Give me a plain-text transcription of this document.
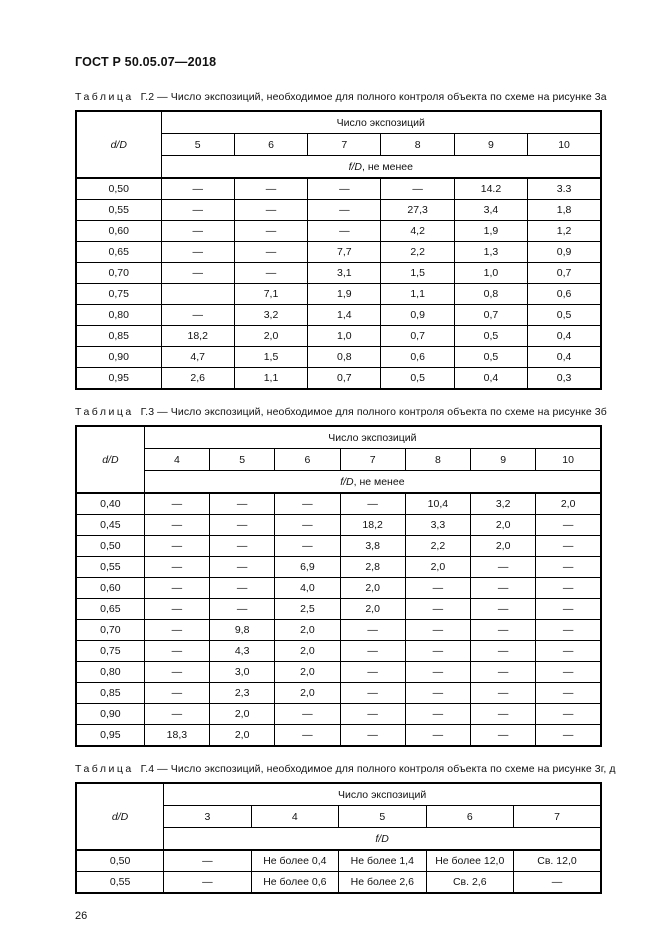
ГОСТ Р 50.05.07—2018

Таблица Г.2 — Число экспозиций, необходимое для полного контроля объекта по схеме на рисунке 3а

d/D	Число экспозиций					
	5	6	7	8	9	10
	f/D, не менее					
0,50	—	—	—	—	14.2	3.3
0,55	—	—	—	27,3	3,4	1,8
0,60	—	—	—	4,2	1,9	1,2
0,65	—	—	7,7	2,2	1,3	0,9
0,70	—	—	3,1	1,5	1,0	0,7
0,75		7,1	1,9	1,1	0,8	0,6
0,80	—	3,2	1,4	0,9	0,7	0,5
0,85	18,2	2,0	1,0	0,7	0,5	0,4
0,90	4,7	1,5	0,8	0,6	0,5	0,4
0,95	2,6	1,1	0,7	0,5	0,4	0,3

Таблица Г.3 — Число экспозиций, необходимое для полного контроля объекта по схеме на рисунке 3б

d/D	Число экспозиций						
	4	5	6	7	8	9	10
	f/D, не менее						
0,40	—	—	—	—	10,4	3,2	2,0
0,45	—	—	—	18,2	3,3	2,0	—
0,50	—	—	—	3,8	2,2	2,0	—
0,55	—	—	6,9	2,8	2,0	—	—
0,60	—	—	4,0	2,0	—	—	—
0,65	—	—	2,5	2,0	—	—	—
0,70	—	9,8	2,0	—	—	—	—
0,75	—	4,3	2,0	—	—	—	—
0,80	—	3,0	2,0	—	—	—	—
0,85	—	2,3	2,0	—	—	—	—
0,90	—	2,0	—	—	—	—	—
0,95	18,3	2,0	—	—	—	—	—

Таблица Г.4 — Число экспозиций, необходимое для полного контроля объекта по схеме на рисунке 3г, д

d/D	Число экспозиций				
	3	4	5	6	7
	f/D				
0,50	—	Не более 0,4	Не более 1,4	Не более 12,0	Св. 12,0
0,55	—	Не более 0,6	Не более 2,6	Св. 2,6	—

26
